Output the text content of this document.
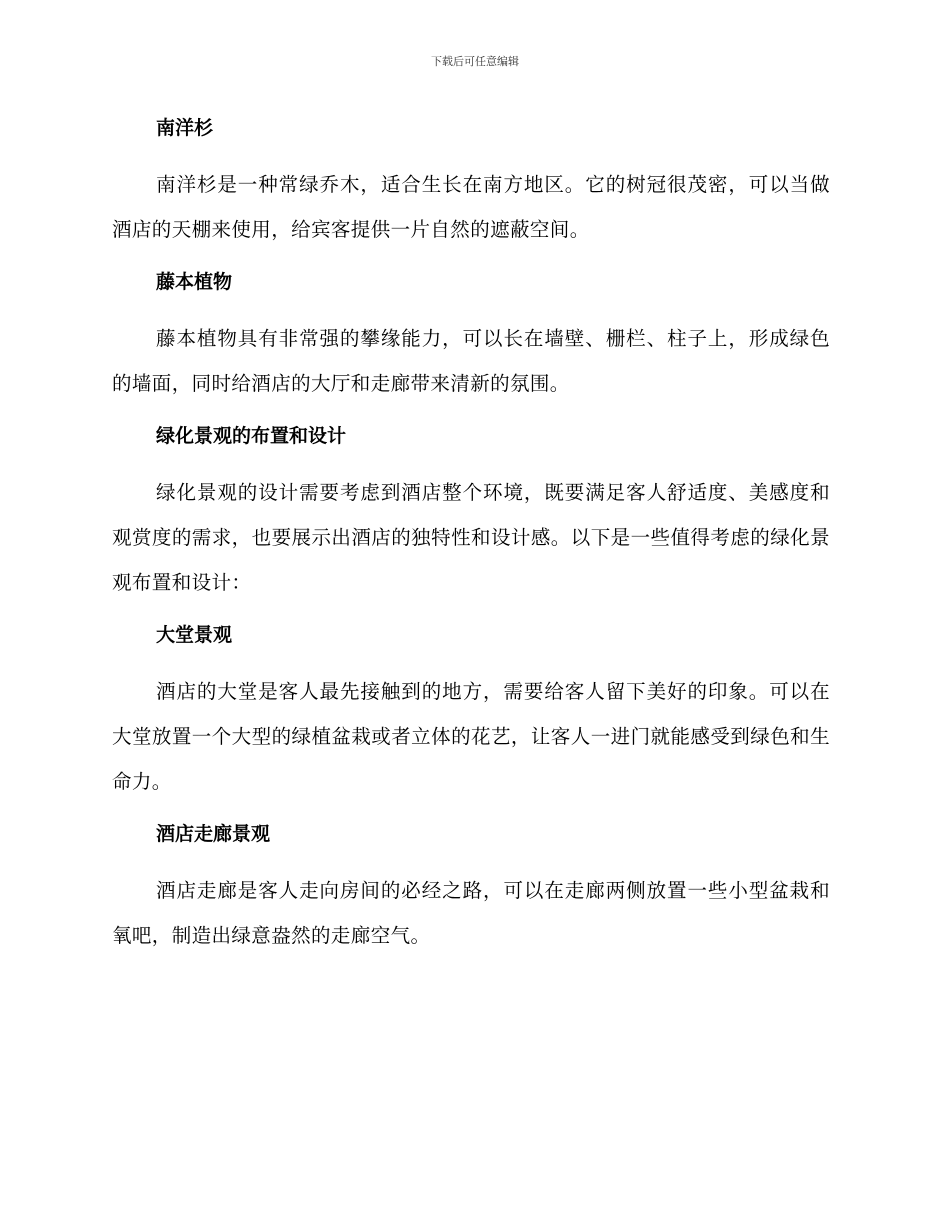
下载后可任意编辑
南洋杉

南洋杉是一种常绿乔木，适合生长在南方地区。它的树冠很茂密，可以当做酒店的天棚来使用，给宾客提供一片自然的遮蔽空间。

藤本植物

藤本植物具有非常强的攀缘能力，可以长在墙壁、栅栏、柱子上，形成绿色的墙面，同时给酒店的大厅和走廊带来清新的氛围。

绿化景观的布置和设计

绿化景观的设计需要考虑到酒店整个环境，既要满足客人舒适度、美感度和观赏度的需求，也要展示出酒店的独特性和设计感。以下是一些值得考虑的绿化景观布置和设计：

大堂景观

酒店的大堂是客人最先接触到的地方，需要给客人留下美好的印象。可以在大堂放置一个大型的绿植盆栽或者立体的花艺，让客人一进门就能感受到绿色和生命力。

酒店走廊景观

酒店走廊是客人走向房间的必经之路，可以在走廊两侧放置一些小型盆栽和氧吧，制造出绿意盎然的走廊空气。
